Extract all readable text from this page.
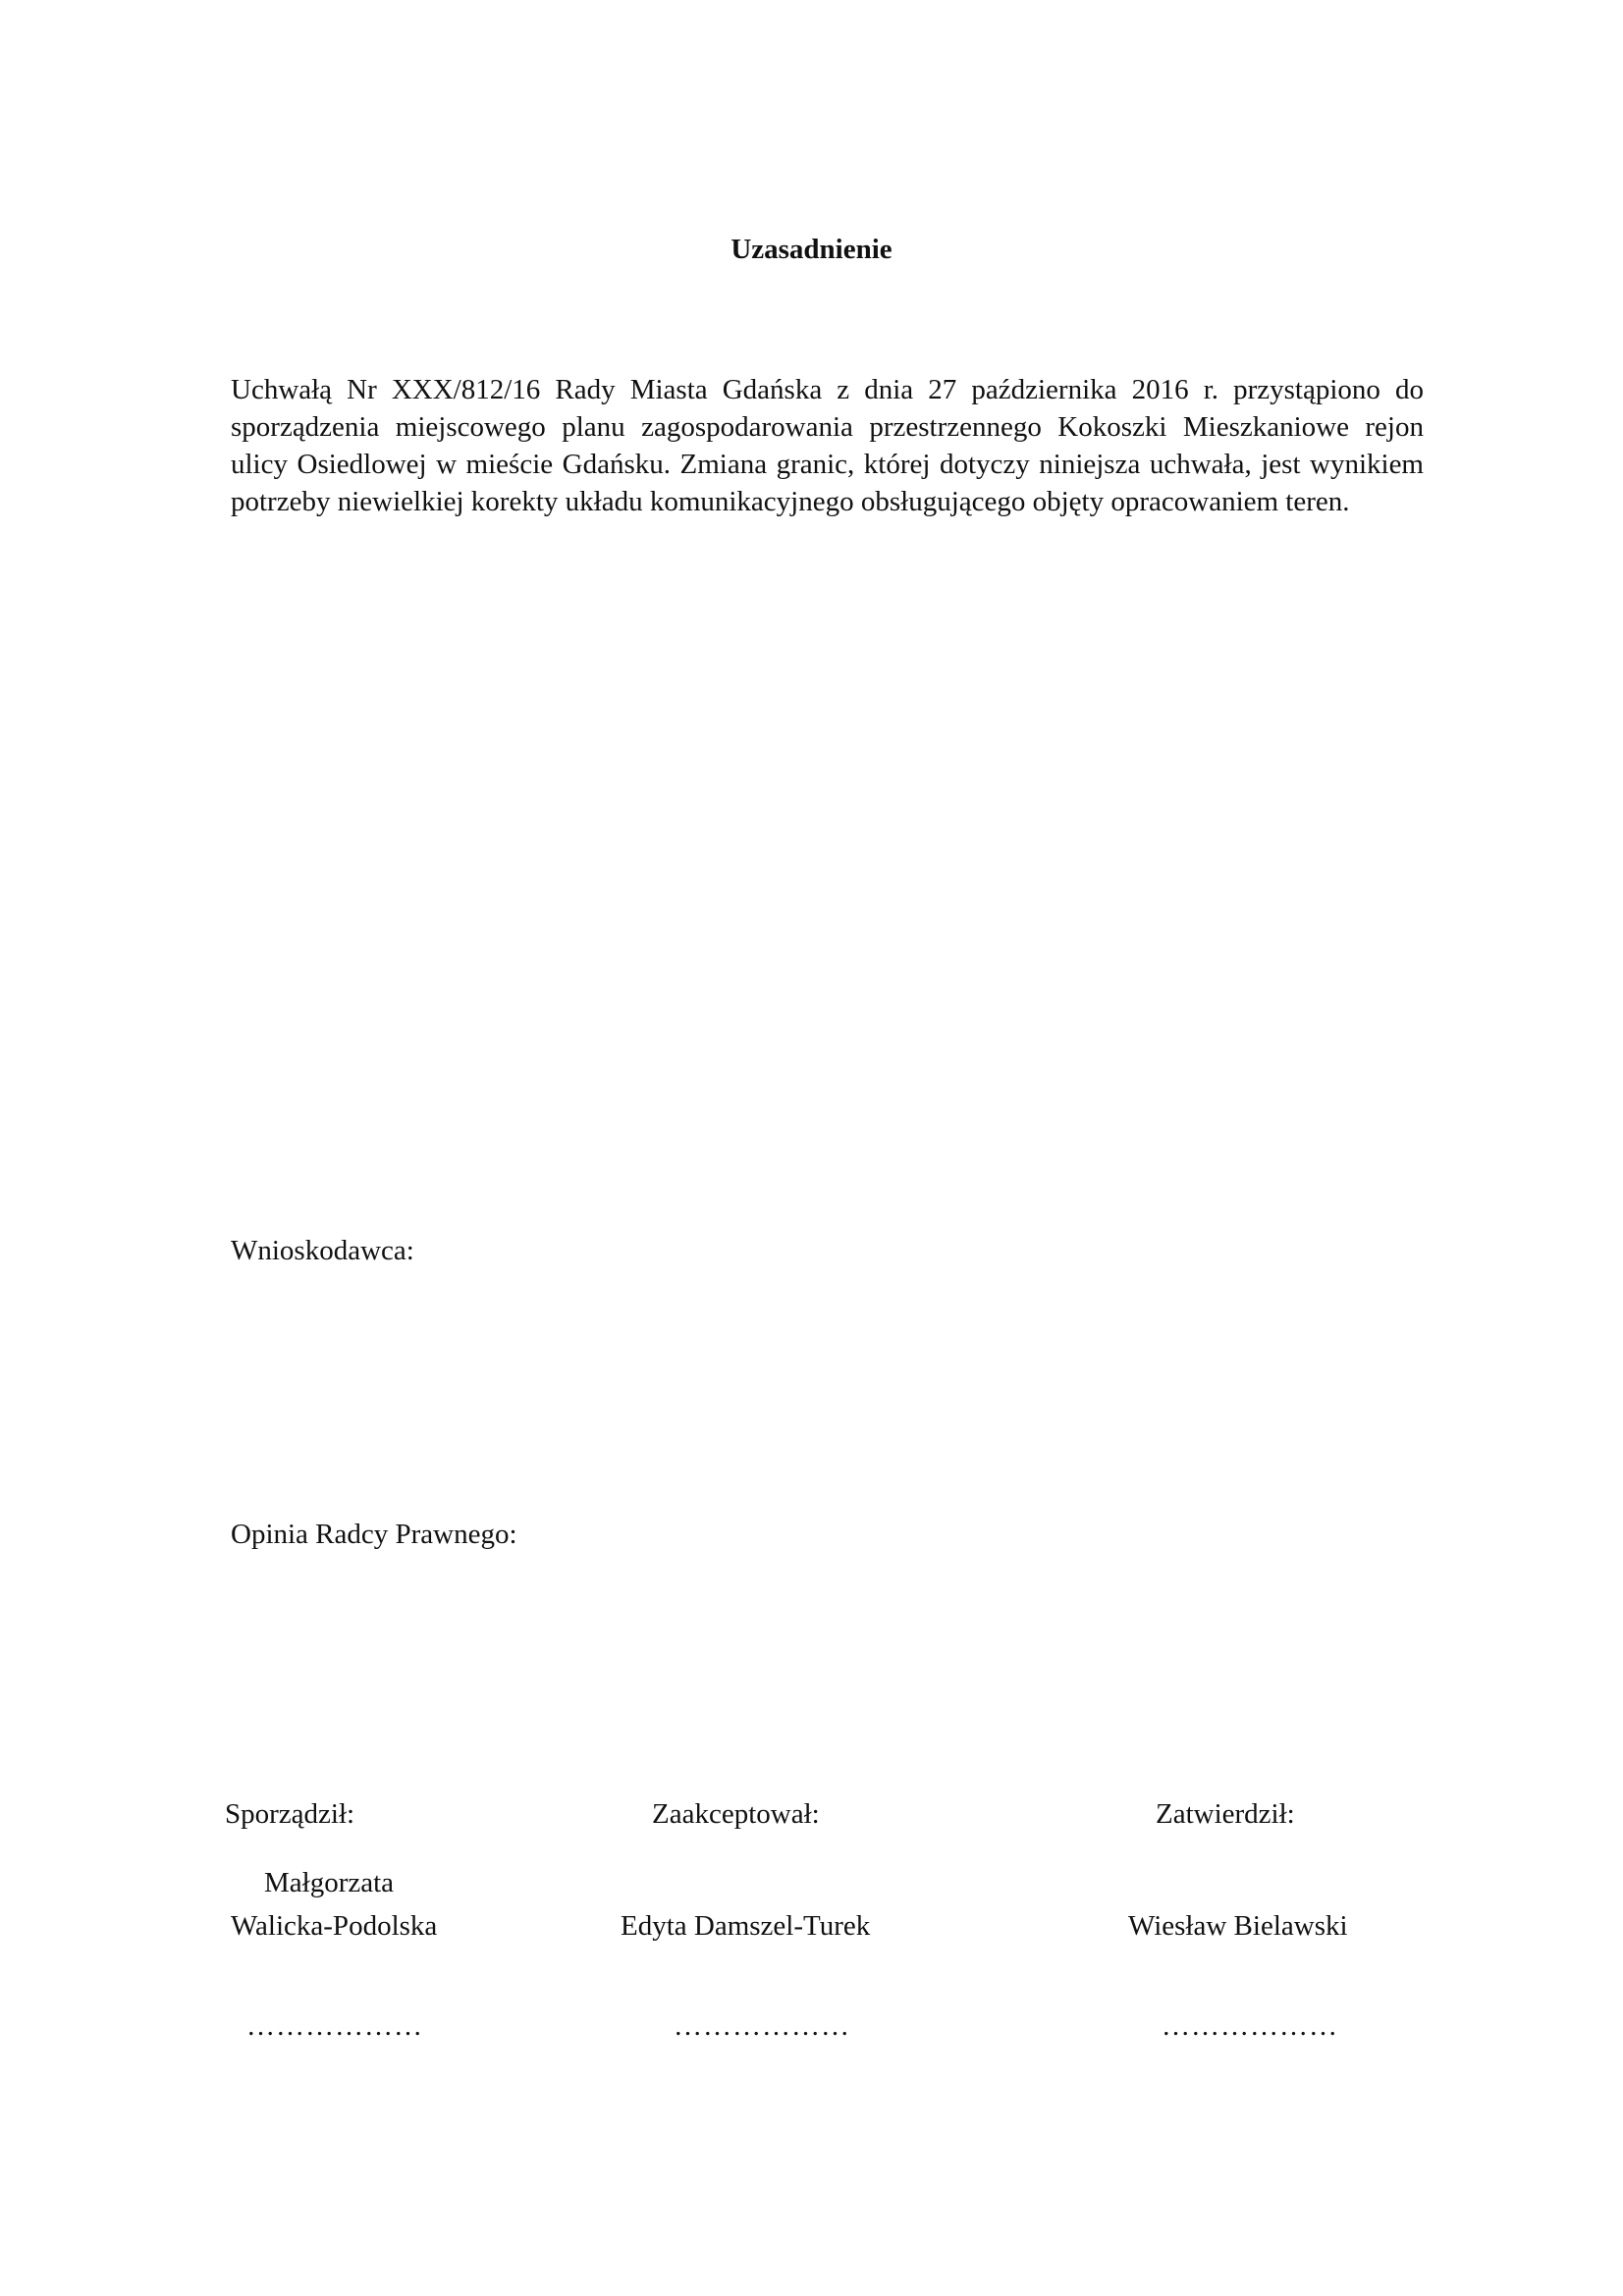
Uzasadnienie
Uchwałą Nr XXX/812/16 Rady Miasta Gdańska z dnia 27 października 2016 r. przystąpiono do sporządzenia miejscowego planu zagospodarowania przestrzennego Kokoszki Mieszkaniowe rejon ulicy Osiedlowej w mieście Gdańsku. Zmiana granic, której dotyczy niniejsza uchwała, jest wynikiem potrzeby niewielkiej korekty układu komunikacyjnego obsługującego objęty opracowaniem teren.
Wnioskodawca:
Opinia Radcy Prawnego:
Sporządził:
Małgorzata
Walicka-Podolska
………………
Zaakceptował:
Edyta Damszel-Turek
………………
Zatwierdził:
Wiesław Bielawski
………………
